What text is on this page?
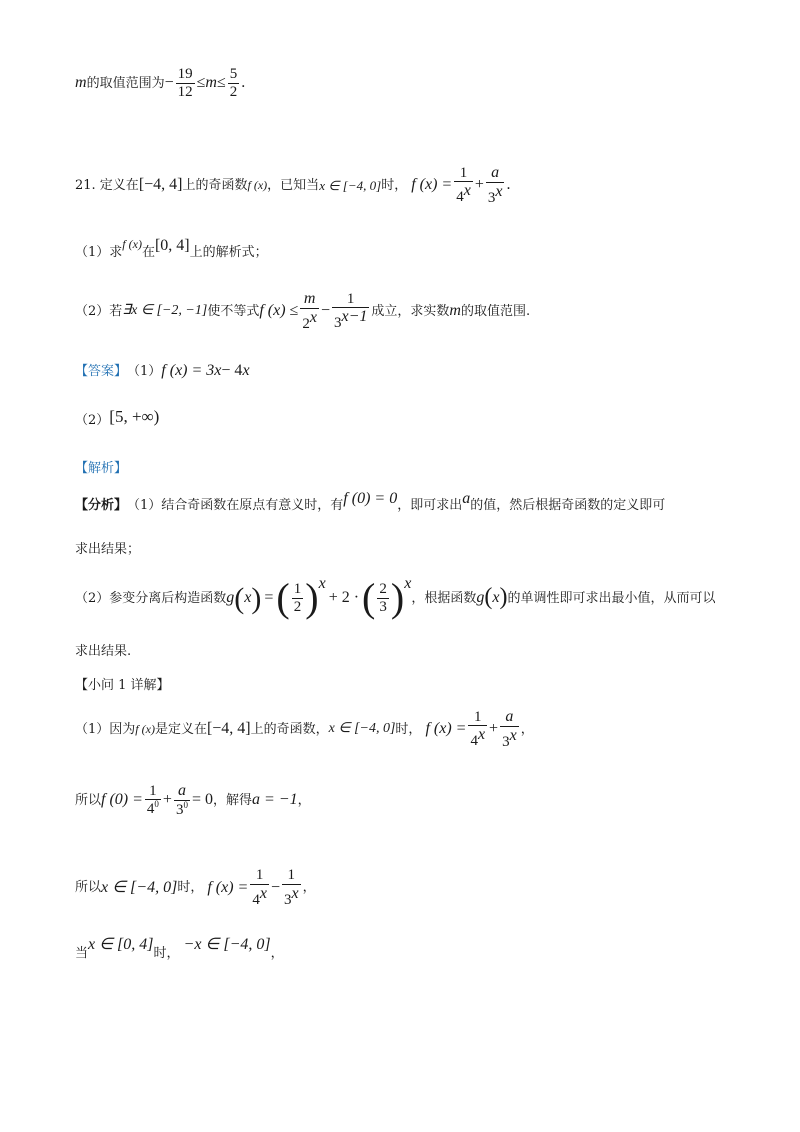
m 的取值范围为 − $\frac{19}{12} \le m \le \frac{5}{2}$ .
21. 定义在 [−4, 4] 上的奇函数 f (x) ，已知当 x ∈ [−4, 0] 时， f $(x) = \frac{1}{4^x} + \frac{a}{3^x}$ .
（1）求
f (x)
在 [0, 4] 上的解析式；
（2）若 ∃x ∈ [−2, −1] 使不等式 f $(x) \le \frac{m}{2^x} - \frac{1}{3^{x-1}}$ 成立，求实数 m 的取值范围.
【答案】 （1） f (x) = 3 x − 4 x
（2） [5, +∞)
【解析】
【分析】 （1）结合奇函数在原点有意义时，有 f (0) = 0 ，即可求出 a 的值，然后根据奇函数的定义即可
求出结果；
（2）参变分离后构造函数 g ( x ) = ( $\frac{1}{2} )^x$
+ 2 · ( $\frac{2}{3} )^x$
，根据函数 g ( x ) 的单调性即可求出最小值，从而可以
求出结果.
【小问 1 详解】
（1）因为 f (x) 是定义在 [−4, 4] 上的奇函数， x ∈ [−4, 0] 时， f $(x) = \frac{1}{4^x} + \frac{a}{3^x}$ ，
所以 f $(0) = \frac{1}{4^0} + \frac{a}{3^0} = 0$ ，解得 a = −1 ，
所以 x ∈ [−4, 0] 时， f $(x) = \frac{1}{4^x} - \frac{1}{3^x}$ ，
当 x ∈ [0, 4] 时， −x ∈ [−4, 0] ，
